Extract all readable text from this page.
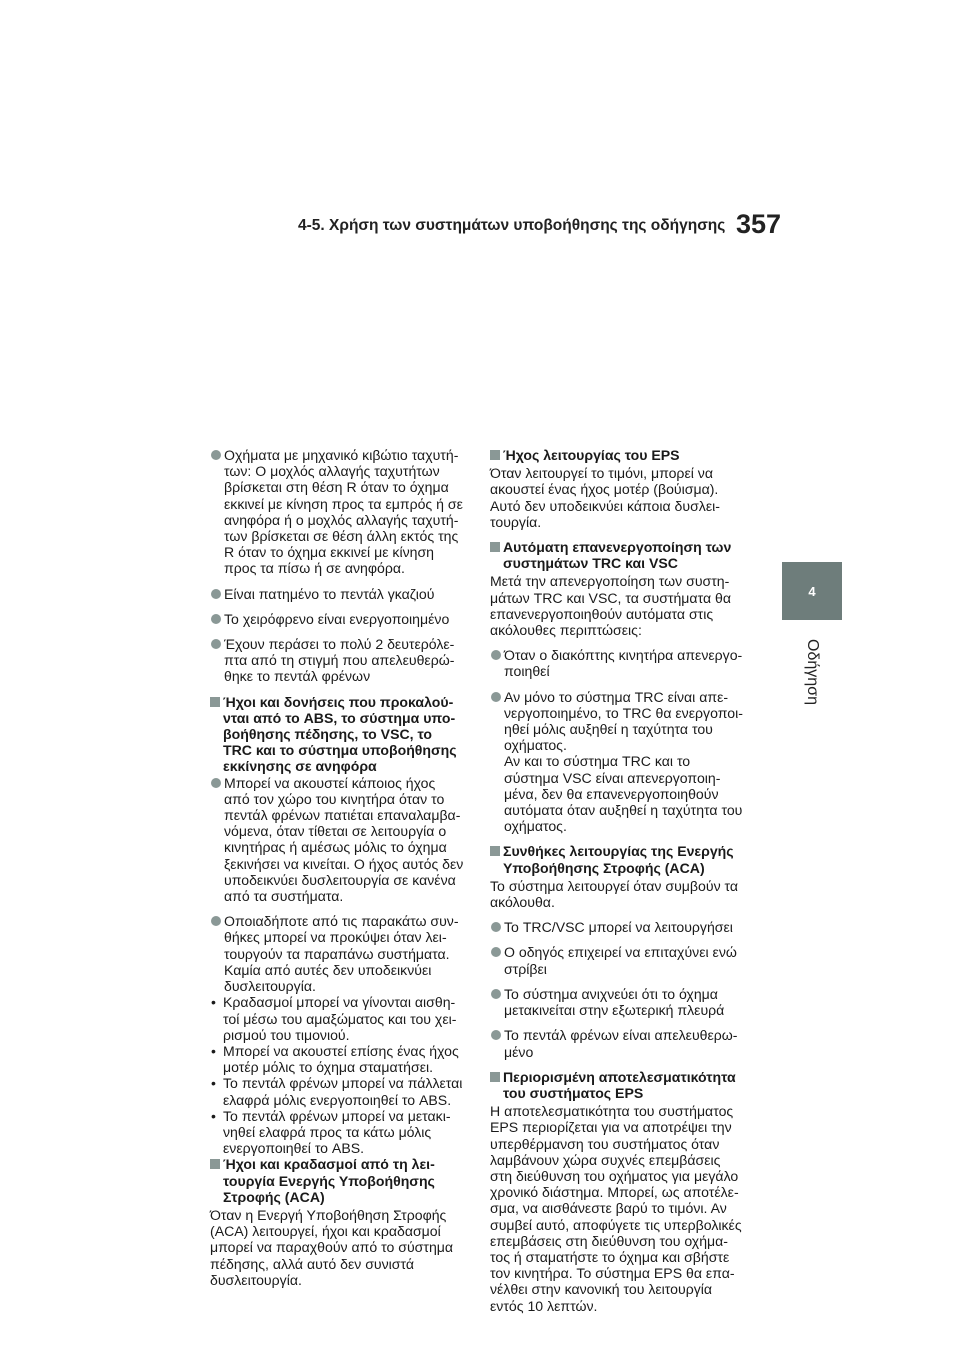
4-5. Χρήση των συστημάτων υποβοήθησης της οδήγησης 357
4
Οδήγηση
Οχήματα με μηχανικό κιβώτιο ταχυτή-
των: Ο μοχλός αλλαγής ταχυτήτων
βρίσκεται στη θέση R όταν το όχημα
εκκινεί με κίνηση προς τα εμπρός ή σε
ανηφόρα ή ο μοχλός αλλαγής ταχυτή-
των βρίσκεται σε θέση άλλη εκτός της
R όταν το όχημα εκκινεί με κίνηση
προς τα πίσω ή σε ανηφόρα.
Είναι πατημένο το πεντάλ γκαζιού
Το χειρόφρενο είναι ενεργοποιημένο
Έχουν περάσει το πολύ 2 δευτερόλε-
πτα από τη στιγμή που απελευθερώ-
θηκε το πεντάλ φρένων
Ήχοι και δονήσεις που προκαλού-
νται από το ABS, το σύστημα υπο-
βοήθησης πέδησης, το VSC, το
TRC και το σύστημα υποβοήθησης
εκκίνησης σε ανηφόρα
Μπορεί να ακουστεί κάποιος ήχος
από τον χώρο του κινητήρα όταν το
πεντάλ φρένων πατιέται επαναλαμβα-
νόμενα, όταν τίθεται σε λειτουργία ο
κινητήρας ή αμέσως μόλις το όχημα
ξεκινήσει να κινείται. Ο ήχος αυτός δεν
υποδεικνύει δυσλειτουργία σε κανένα
από τα συστήματα.
Οποιαδήποτε από τις παρακάτω συν-
θήκες μπορεί να προκύψει όταν λει-
τουργούν τα παραπάνω συστήματα.
Καμία από αυτές δεν υποδεικνύει
δυσλειτουργία.
• Κραδασμοί μπορεί να γίνονται αισθη-
τοί μέσω του αμαξώματος και του χει-
ρισμού του τιμονιού.
• Μπορεί να ακουστεί επίσης ένας ήχος
μοτέρ μόλις το όχημα σταματήσει.
• Το πεντάλ φρένων μπορεί να πάλλεται
ελαφρά μόλις ενεργοποιηθεί το ABS.
• Το πεντάλ φρένων μπορεί να μετακι-
νηθεί ελαφρά προς τα κάτω μόλις
ενεργοποιηθεί το ABS.
Ήχοι και κραδασμοί από τη λει-
τουργία Ενεργής Υποβοήθησης
Στροφής (ACA)
Όταν η Ενεργή Υποβοήθηση Στροφής
(ACA) λειτουργεί, ήχοι και κραδασμοί
μπορεί να παραχθούν από το σύστημα
πέδησης, αλλά αυτό δεν συνιστά
δυσλειτουργία.
Ήχος λειτουργίας του EPS
Όταν λειτουργεί το τιμόνι, μπορεί να
ακουστεί ένας ήχος μοτέρ (βούισμα).
Αυτό δεν υποδεικνύει κάποια δυσλει-
τουργία.
Αυτόματη επανενεργοποίηση των
συστημάτων TRC και VSC
Μετά την απενεργοποίηση των συστη-
μάτων TRC και VSC, τα συστήματα θα
επανενεργοποιηθούν αυτόματα στις
ακόλουθες περιπτώσεις:
Όταν ο διακόπτης κινητήρα απενεργο-
ποιηθεί
Αν μόνο το σύστημα TRC είναι απε-
νεργοποιημένο, το TRC θα ενεργοποι-
ηθεί μόλις αυξηθεί η ταχύτητα του
οχήματος.
Αν και το σύστημα TRC και το
σύστημα VSC είναι απενεργοποιη-
μένα, δεν θα επανενεργοποιηθούν
αυτόματα όταν αυξηθεί η ταχύτητα του
οχήματος.
Συνθήκες λειτουργίας της Ενεργής
Υποβοήθησης Στροφής (ACA)
Το σύστημα λειτουργεί όταν συμβούν τα
ακόλουθα.
Το TRC/VSC μπορεί να λειτουργήσει
Ο οδηγός επιχειρεί να επιταχύνει ενώ
στρίβει
Το σύστημα ανιχνεύει ότι το όχημα
μετακινείται στην εξωτερική πλευρά
Το πεντάλ φρένων είναι απελευθερω-
μένο
Περιορισμένη αποτελεσματικότητα
του συστήματος EPS
Η αποτελεσματικότητα του συστήματος
EPS περιορίζεται για να αποτρέψει την
υπερθέρμανση του συστήματος όταν
λαμβάνουν χώρα συχνές επεμβάσεις
στη διεύθυνση του οχήματος για μεγάλο
χρονικό διάστημα. Μπορεί, ως αποτέλε-
σμα, να αισθάνεστε βαρύ το τιμόνι. Αν
συμβεί αυτό, αποφύγετε τις υπερβολικές
επεμβάσεις στη διεύθυνση του οχήμα-
τος ή σταματήστε το όχημα και σβήστε
τον κινητήρα. Το σύστημα EPS θα επα-
νέλθει στην κανονική του λειτουργία
εντός 10 λεπτών.
